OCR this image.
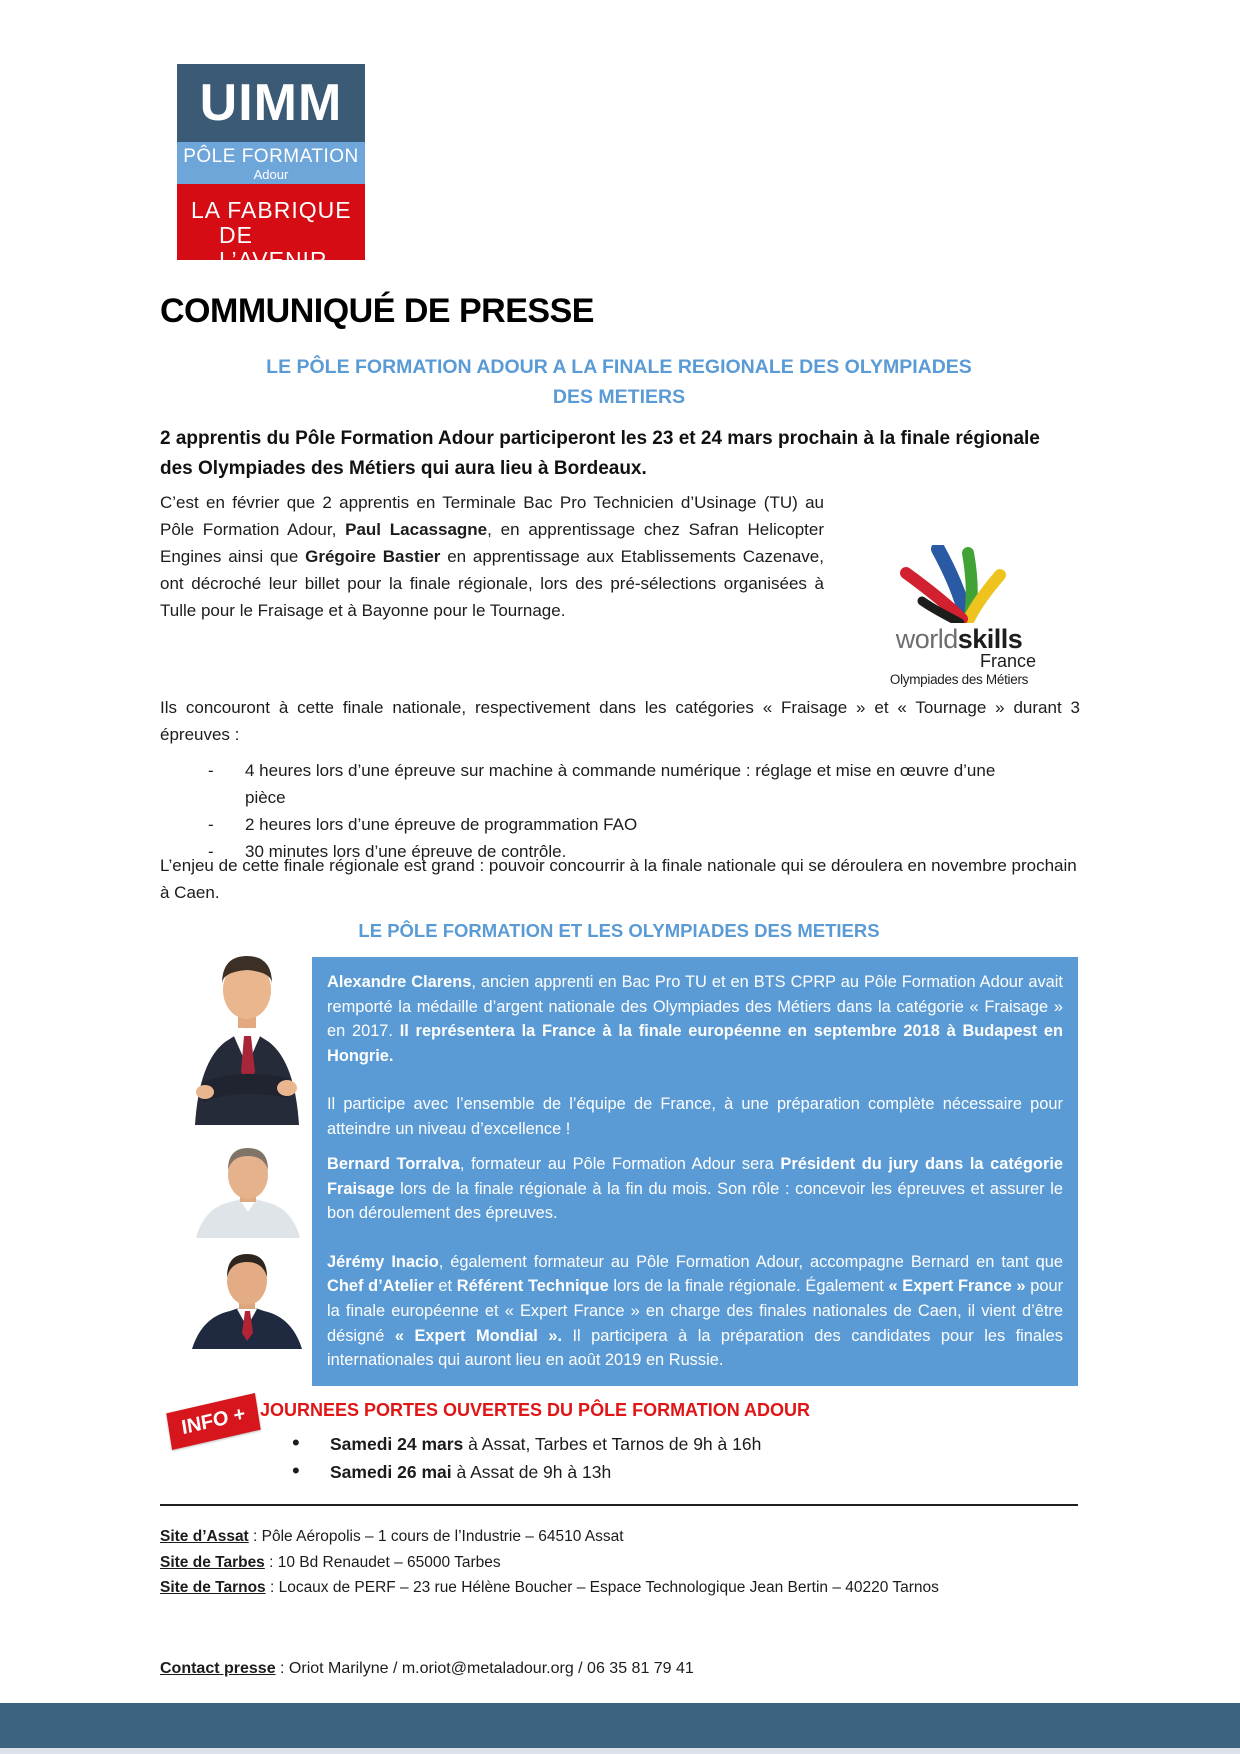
UIMM
PÔLE FORMATION
Adour
LA FABRIQUE
DE L’AVENIR
COMMUNIQUÉ DE PRESSE
LE PÔLE FORMATION ADOUR A LA FINALE REGIONALE DES OLYMPIADES DES METIERS

2 apprentis du Pôle Formation Adour participeront les 23 et 24 mars prochain à la finale régionale des Olympiades des Métiers qui aura lieu à Bordeaux.

C’est en février que 2 apprentis en Terminale Bac Pro Technicien d’Usinage (TU) au Pôle Formation Adour, Paul Lacassagne, en apprentissage chez Safran Helicopter Engines ainsi que Grégoire Bastier en apprentissage aux Etablissements Cazenave, ont décroché leur billet pour la finale régionale, lors des pré-sélections organisées à Tulle pour le Fraisage et à Bayonne pour le Tournage.

worldskills
France
Olympiades des Métiers

Ils concouront à cette finale nationale, respectivement dans les catégories « Fraisage » et « Tournage » durant 3 épreuves :

- 4 heures lors d’une épreuve sur machine à commande numérique : réglage et mise en œuvre d’une pièce
- 2 heures lors d’une épreuve de programmation FAO
- 30 minutes lors d’une épreuve de contrôle.

L’enjeu de cette finale régionale est grand : pouvoir concourrir à la finale nationale qui se déroulera en novembre prochain à Caen.

LE PÔLE FORMATION ET LES OLYMPIADES DES METIERS

Alexandre Clarens, ancien apprenti en Bac Pro TU et en BTS CPRP au Pôle Formation Adour avait remporté la médaille d’argent nationale des Olympiades des Métiers dans la catégorie « Fraisage » en 2017. Il représentera la France à la finale européenne en septembre 2018 à Budapest en Hongrie.

Il participe avec l’ensemble de l’équipe de France, à une préparation complète nécessaire pour atteindre un niveau d’excellence !

Bernard Torralva, formateur au Pôle Formation Adour sera Président du jury dans la catégorie Fraisage lors de la finale régionale à la fin du mois. Son rôle : concevoir les épreuves et assurer le bon déroulement des épreuves.

Jérémy Inacio, également formateur au Pôle Formation Adour, accompagne Bernard en tant que Chef d’Atelier et Référent Technique lors de la finale régionale. Également « Expert France » pour la finale européenne et « Expert France » en charge des finales nationales de Caen, il vient d’être désigné « Expert Mondial ». Il participera à la préparation des candidates pour les finales internationales qui auront lieu en août 2019 en Russie.

INFO + JOURNEES PORTES OUVERTES DU PÔLE FORMATION ADOUR
• Samedi 24 mars à Assat, Tarbes et Tarnos de 9h à 16h
• Samedi 26 mai à Assat de 9h à 13h
Site d’Assat : Pôle Aéropolis – 1 cours de l’Industrie – 64510 Assat
Site de Tarbes : 10 Bd Renaudet – 65000 Tarbes
Site de Tarnos : Locaux de PERF – 23 rue Hélène Boucher – Espace Technologique Jean Bertin – 40220 Tarnos
Contact presse : Oriot Marilyne / m.oriot@metaladour.org / 06 35 81 79 41
